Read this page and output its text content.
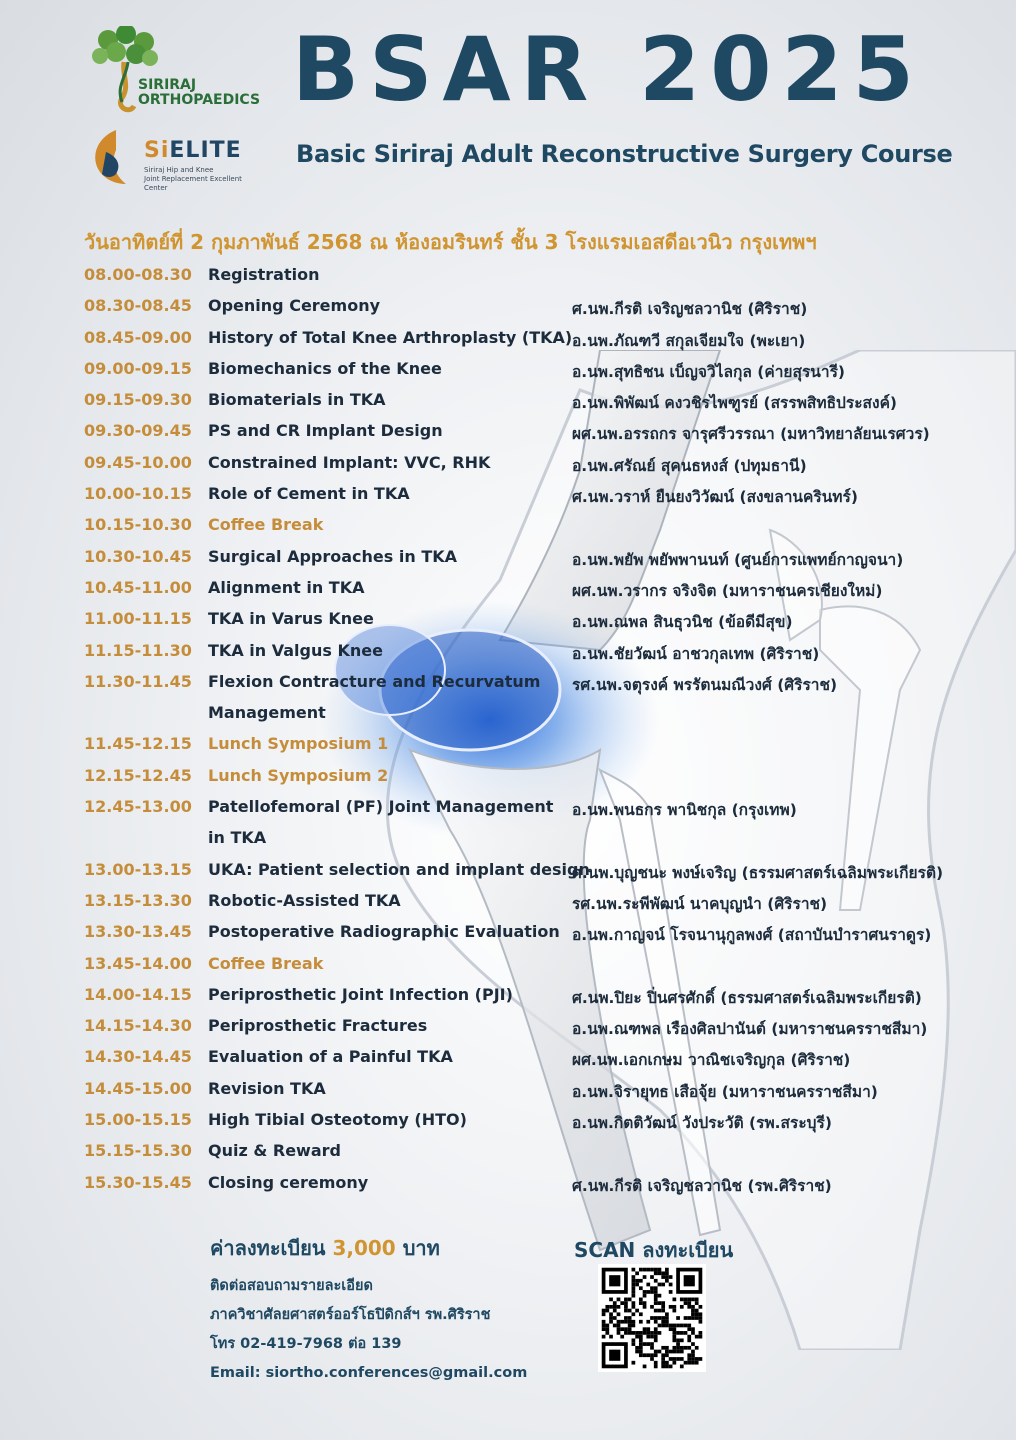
SIRIRAJ
ORTHOPAEDICS
SiELITE
Siriraj Hip and Knee
Joint Replacement Excellent Center
BSAR 2025
Basic Siriraj Adult Reconstructive Surgery Course
วันอาทิตย์ที่ 2 กุมภาพันธ์ 2568 ณ ห้องอมรินทร์ ชั้น 3 โรงแรมเอสดีอเวนิว กรุงเทพฯ
08.00-08.30 Registration
08.30-08.45 Opening Ceremony	ศ.นพ.กีรติ เจริญชลวานิช (ศิริราช)
08.45-09.00 History of Total Knee Arthroplasty (TKA) อ.นพ.ภัณฑวี สกุลเจียมใจ (พะเยา)
09.00-09.15 Biomechanics of the Knee	อ.นพ.สุทธิชน เบ็ญจวิไลกุล (ค่ายสุรนารี)
09.15-09.30 Biomaterials in TKA	อ.นพ.พิพัฒน์ คงวชิรไพฑูรย์ (สรรพสิทธิประสงค์)
09.30-09.45 PS and CR Implant Design	ผศ.นพ.อรรถกร จารุศรีวรรณา (มหาวิทยาลัยนเรศวร)
09.45-10.00 Constrained Implant: VVC, RHK	อ.นพ.ศรัณย์ สุคนธหงส์ (ปทุมธานี)
10.00-10.15 Role of Cement in TKA	ศ.นพ.วราห์ ยืนยงวิวัฒน์ (สงขลานครินทร์)
10.15-10.30 Coffee Break
10.30-10.45 Surgical Approaches in TKA	อ.นพ.พยัพ พยัพพานนท์ (ศูนย์การแพทย์กาญจนา)
10.45-11.00 Alignment in TKA	ผศ.นพ.วรากร จริงจิต (มหาราชนครเชียงใหม่)
11.00-11.15 TKA in Varus Knee	อ.นพ.ณพล สินธุวนิช (ข้อดีมีสุข)
11.15-11.30 TKA in Valgus Knee	อ.นพ.ชัยวัฒน์ อาชวกุลเทพ (ศิริราช)
11.30-11.45 Flexion Contracture and Recurvatum รศ.นพ.จตุรงค์ พรรัตนมณีวงศ์ (ศิริราช)
Management
11.45-12.15 Lunch Symposium 1
12.15-12.45 Lunch Symposium 2
12.45-13.00 Patellofemoral (PF) Joint Management อ.นพ.พนธกร พานิชกุล (กรุงเทพ)
in TKA
13.00-13.15 UKA: Patient selection and implant design
ศ.นพ.บุญชนะ พงษ์เจริญ (ธรรมศาสตร์เฉลิมพระเกียรติ)
13.15-13.30 Robotic-Assisted TKA	รศ.นพ.ระพีพัฒน์ นาคบุญนำ (ศิริราช)
13.30-13.45 Postoperative Radiographic Evaluation อ.นพ.กาญจน์ โรจนานุกูลพงศ์ (สถาบันบำราศนราดูร)
13.45-14.00 Coffee Break
14.00-14.15 Periprosthetic Joint Infection (PJI)	ศ.นพ.ปิยะ ปิ่นศรศักดิ์ (ธรรมศาสตร์เฉลิมพระเกียรติ)
14.15-14.30 Periprosthetic Fractures	อ.นพ.ณฑพล เรืองศิลปานันต์ (มหาราชนครราชสีมา)
14.30-14.45 Evaluation of a Painful TKA	ผศ.นพ.เอกเกษม วาณิชเจริญกุล (ศิริราช)
14.45-15.00 Revision TKA	อ.นพ.จิรายุทธ เสือจุ้ย (มหาราชนครราชสีมา)
15.00-15.15 High Tibial Osteotomy (HTO)	อ.นพ.กิตติวัฒน์ วังประวัติ (รพ.สระบุรี)
15.15-15.30 Quiz & Reward
15.30-15.45 Closing ceremony	ศ.นพ.กีรติ เจริญชลวานิช (รพ.ศิริราช)
ค่าลงทะเบียน 3,000 บาท
ติดต่อสอบถามรายละเอียด
ภาควิชาศัลยศาสตร์ออร์โธปิดิกส์ฯ รพ.ศิริราช
โทร 02-419-7968 ต่อ 139
Email: siortho.conferences@gmail.com
SCAN ลงทะเบียน
